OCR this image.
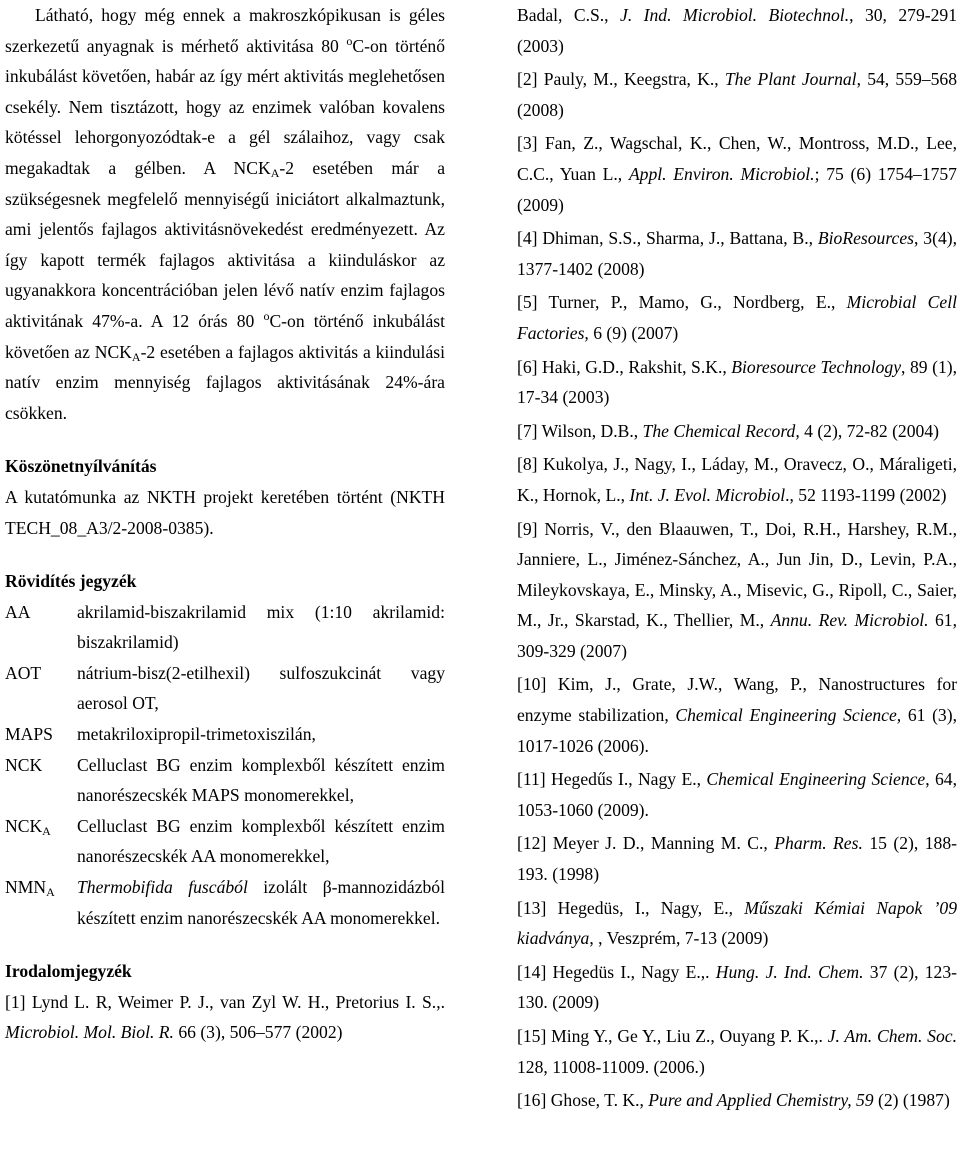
Látható, hogy még ennek a makroszkópikusan is géles szerkezetű anyagnak is mérhető aktivitása 80 $^o$C-on történő inkubálást követően, habár az így mért aktivitás meglehetősen csekély. Nem tisztázott, hogy az enzimek valóban kovalens kötéssel lehorgonyozódtak-e a gél szálaihoz, vagy csak megakadtak a gélben. A $NCK_A-2$ esetében már a szükségesnek megfelelő mennyiségű iniciátort alkalmaztunk, ami jelentős fajlagos aktivitásnövekedést eredményezett. Az így kapott termék fajlagos aktivitása a kiinduláskor az ugyanakkora koncentrációban jelen lévő natív enzim fajlagos aktivitának 47%-a. A 12 órás 80 $^o$C-on történő inkubálást követően az $NCK_A-2$ esetében a fajlagos aktivitás a kiindulási natív enzim mennyiség fajlagos aktivitásának 24%-ára csökken.

Köszönetnyílvánítás

A kutatómunka az NKTH projekt keretében történt (NKTH TECH_08_A3/2-2008-0385).

Rövidítés jegyzék
AA	akrilamid-biszakrilamid mix (1:10 akrilamid: biszakrilamid)
AOT	nátrium-bisz(2-etilhexil) sulfoszukcinát vagy aerosol OT,
MAPS	metakriloxipropil-trimetoxiszilán,
NCK	Celluclast BG enzim komplexből készített enzim nanorészecskék MAPS monomerekkel,
$NCK_A$	Celluclast BG enzim komplexből készített enzim nanorészecskék AA monomerekkel,
$NMN_A$	Thermobifida fuscából izolált β-mannozidázból készített enzim nanorészecskék AA monomerekkel.
Irodalomjegyzék

[1] Lynd L. R, Weimer P. J., van Zyl W. H., Pretorius I. S.,. Microbiol. Mol. Biol. R. 66 (3), 506–577 (2002)

Badal, C.S., J. Ind. Microbiol. Biotechnol., 30, 279-291 (2003)

[2] Pauly, M., Keegstra, K., The Plant Journal, 54, 559–568 (2008)

[3] Fan, Z., Wagschal, K., Chen, W., Montross, M.D., Lee, C.C., Yuan L., Appl. Environ. Microbiol.; 75 (6) 1754–1757 (2009)

[4] Dhiman, S.S., Sharma, J., Battana, B., BioResources, 3(4), 1377-1402 (2008)

[5] Turner, P., Mamo, G., Nordberg, E., Microbial Cell Factories, 6 (9) (2007)

[6] Haki, G.D., Rakshit, S.K., Bioresource Technology, 89 (1), 17-34 (2003)

[7] Wilson, D.B., The Chemical Record, 4 (2), 72-82 (2004)

[8] Kukolya, J., Nagy, I., Láday, M., Oravecz, O., Máraligeti, K., Hornok, L., Int. J. Evol. Microbiol., 52 1193-1199 (2002)

[9] Norris, V., den Blaauwen, T., Doi, R.H., Harshey, R.M., Janniere, L., Jiménez-Sánchez, A., Jun Jin, D., Levin, P.A., Mileykovskaya, E., Minsky, A., Misevic, G., Ripoll, C., Saier, M., Jr., Skarstad, K., Thellier, M., Annu. Rev. Microbiol. 61, 309-329 (2007)

[10] Kim, J., Grate, J.W., Wang, P., Nanostructures for enzyme stabilization, Chemical Engineering Science, 61 (3), 1017-1026 (2006).

[11] Hegedűs I., Nagy E., Chemical Engineering Science, 64, 1053-1060 (2009).

[12] Meyer J. D., Manning M. C., Pharm. Res. 15 (2), 188-193. (1998)

[13] Hegedüs, I., Nagy, E., Műszaki Kémiai Napok ’09 kiadványa, , Veszprém, 7-13 (2009)

[14] Hegedüs I., Nagy E.,. Hung. J. Ind. Chem. 37 (2), 123-130. (2009)

[15] Ming Y., Ge Y., Liu Z., Ouyang P. K.,. J. Am. Chem. Soc. 128, 11008-11009. (2006.)

[16] Ghose, T. K., Pure and Applied Chemistry, 59 (2) (1987)
